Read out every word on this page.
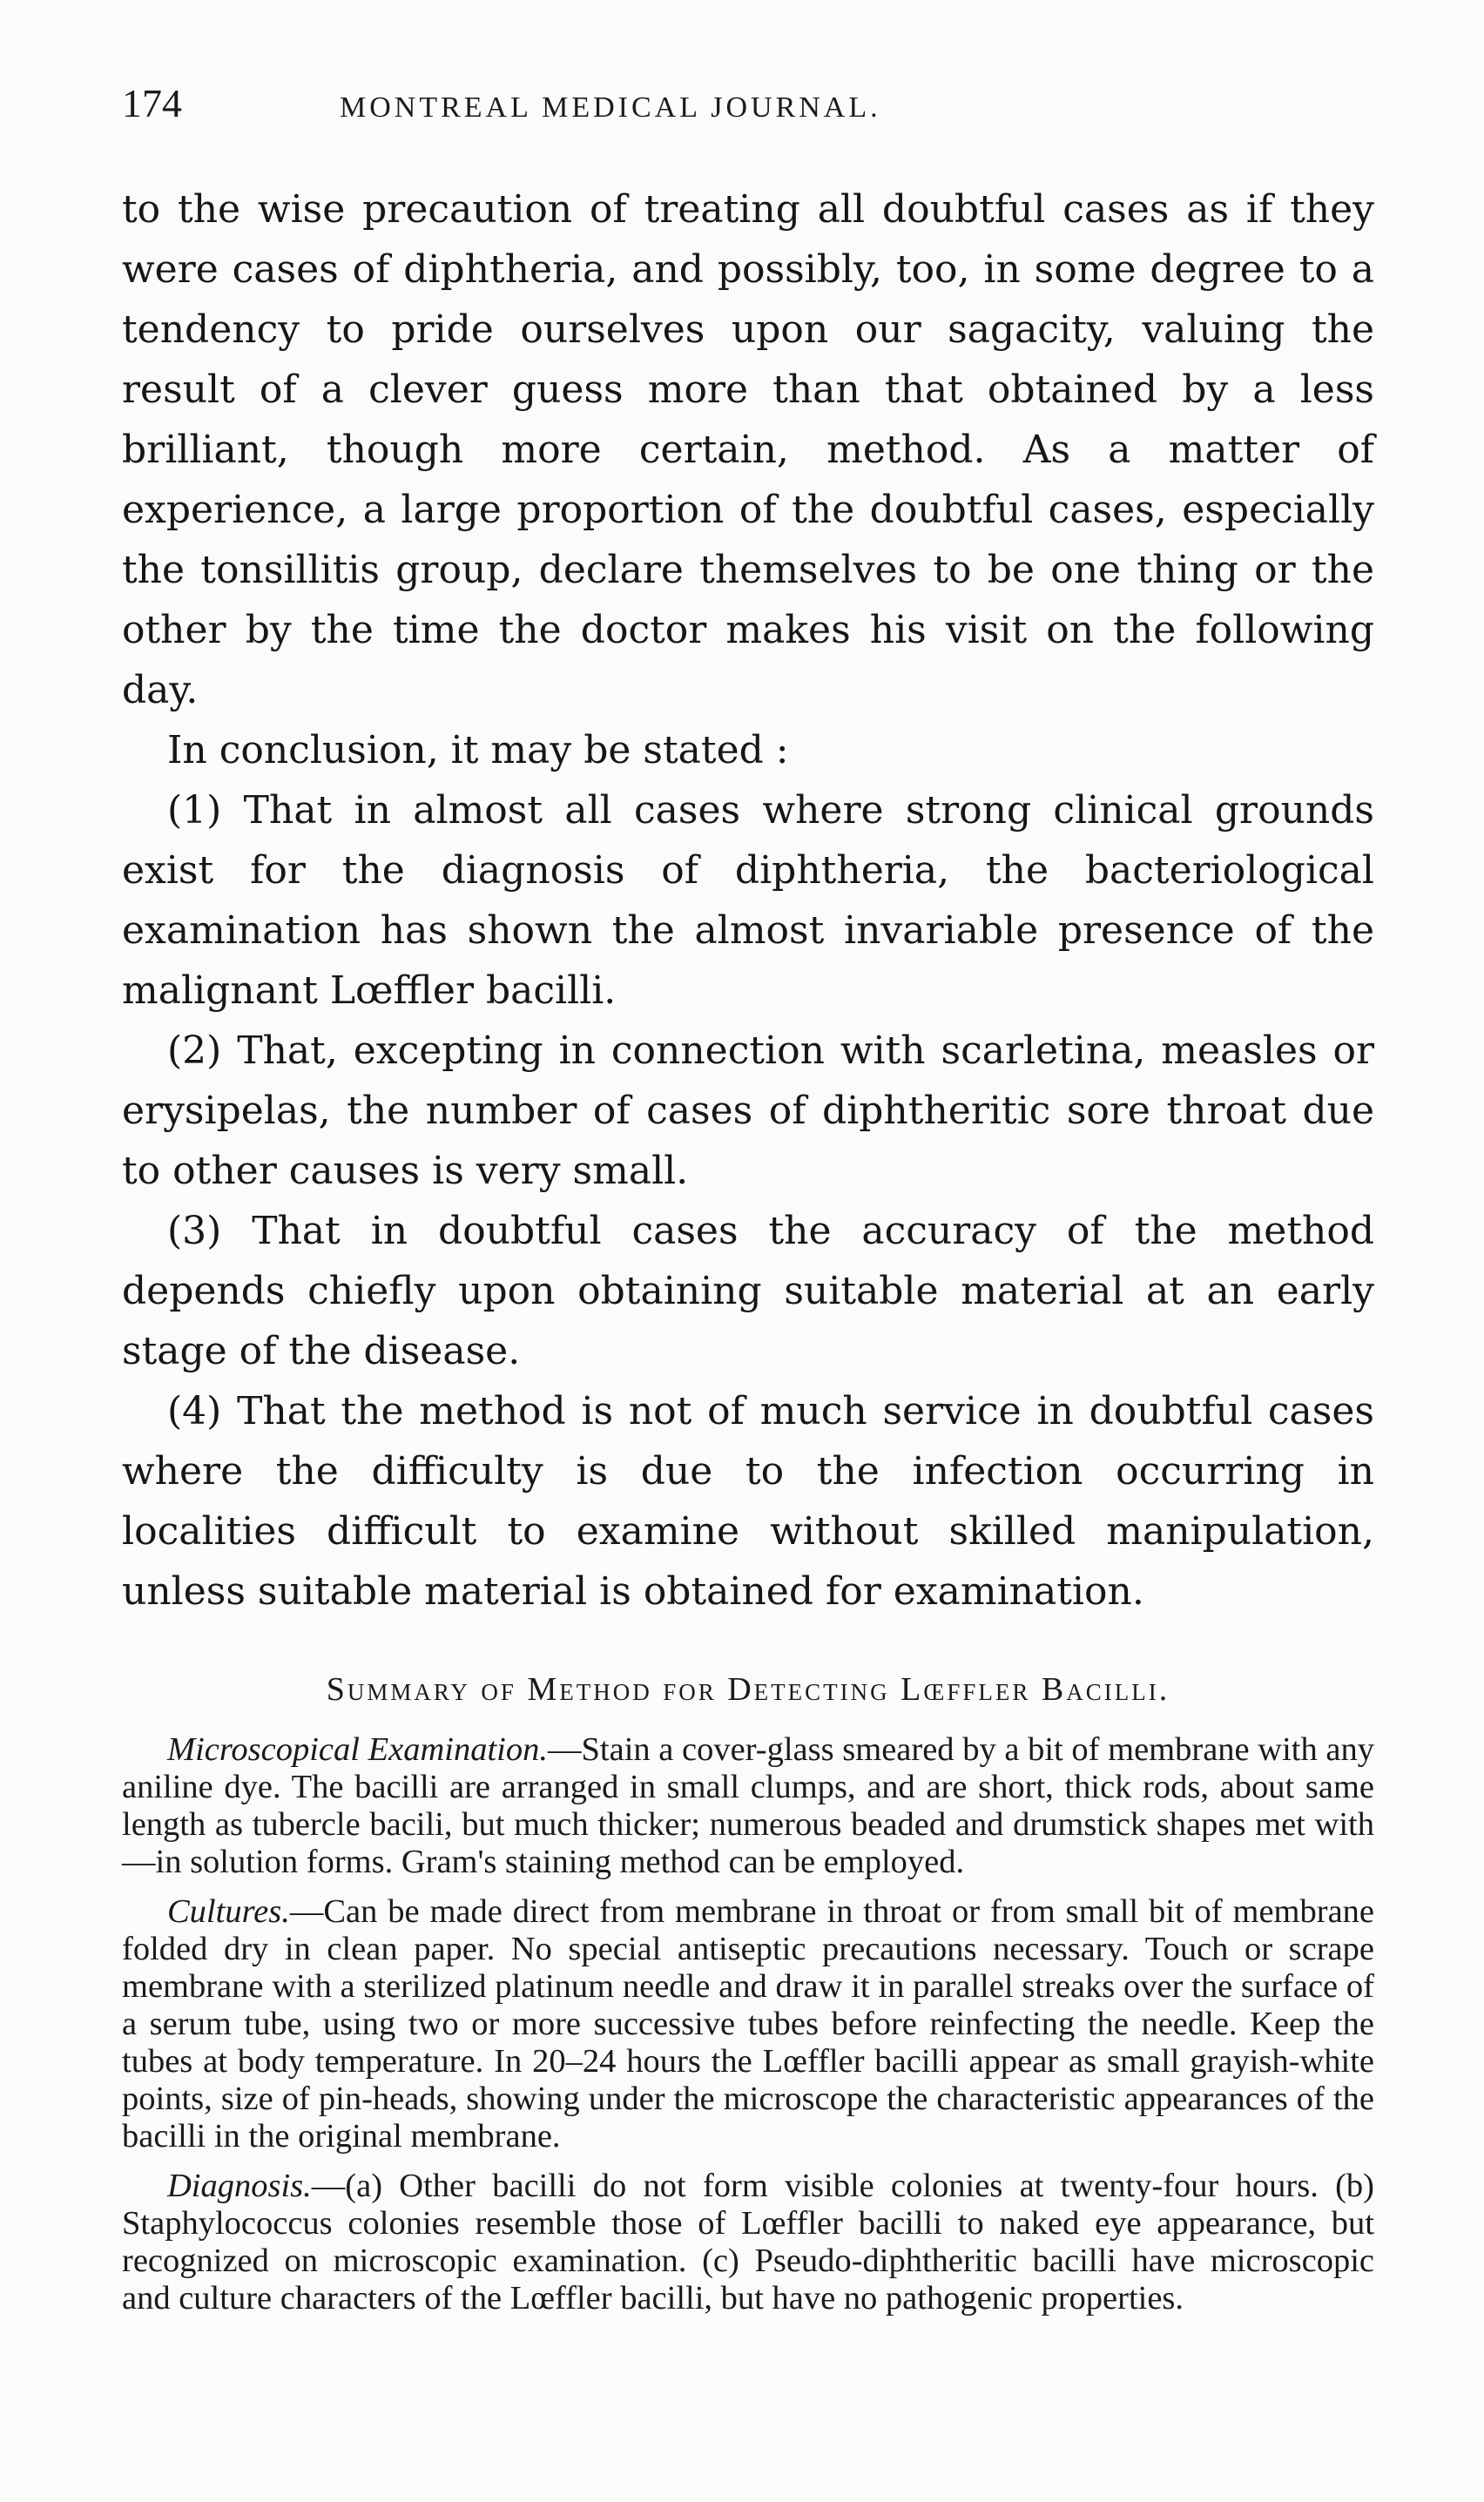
174	MONTREAL MEDICAL JOURNAL.

to the wise precaution of treating all doubtful cases as if they were cases of diphtheria, and possibly, too, in some degree to a tendency to pride ourselves upon our sagacity, valuing the result of a clever guess more than that obtained by a less brilliant, though more certain, method. As a matter of experience, a large proportion of the doubtful cases, especially the tonsillitis group, declare themselves to be one thing or the other by the time the doctor makes his visit on the following day.

In conclusion, it may be stated :

(1) That in almost all cases where strong clinical grounds exist for the diagnosis of diphtheria, the bacteriological examination has shown the almost invariable presence of the malignant Lœffler bacilli.

(2) That, excepting in connection with scarletina, measles or erysipelas, the number of cases of diphtheritic sore throat due to other causes is very small.

(3) That in doubtful cases the accuracy of the method depends chiefly upon obtaining suitable material at an early stage of the disease.

(4) That the method is not of much service in doubtful cases where the difficulty is due to the infection occurring in localities difficult to examine without skilled manipulation, unless suitable material is obtained for examination.

Summary of Method for Detecting Lœffler Bacilli.

Microscopical Examination.—Stain a cover-glass smeared by a bit of membrane with any aniline dye. The bacilli are arranged in small clumps, and are short, thick rods, about same length as tubercle bacili, but much thicker; numerous beaded and drumstick shapes met with —in solution forms. Gram's staining method can be employed.

Cultures.—Can be made direct from membrane in throat or from small bit of membrane folded dry in clean paper. No special antiseptic precautions necessary. Touch or scrape membrane with a sterilized platinum needle and draw it in parallel streaks over the surface of a serum tube, using two or more successive tubes before reinfecting the needle. Keep the tubes at body temperature. In 20–24 hours the Lœffler bacilli appear as small grayish-white points, size of pin-heads, showing under the microscope the characteristic appearances of the bacilli in the original membrane.

Diagnosis.—(a) Other bacilli do not form visible colonies at twenty-four hours. (b) Staphylococcus colonies resemble those of Lœffler bacilli to naked eye appearance, but recognized on microscopic examination. (c) Pseudo-diphtheritic bacilli have microscopic and culture characters of the Lœffler bacilli, but have no pathogenic properties.
